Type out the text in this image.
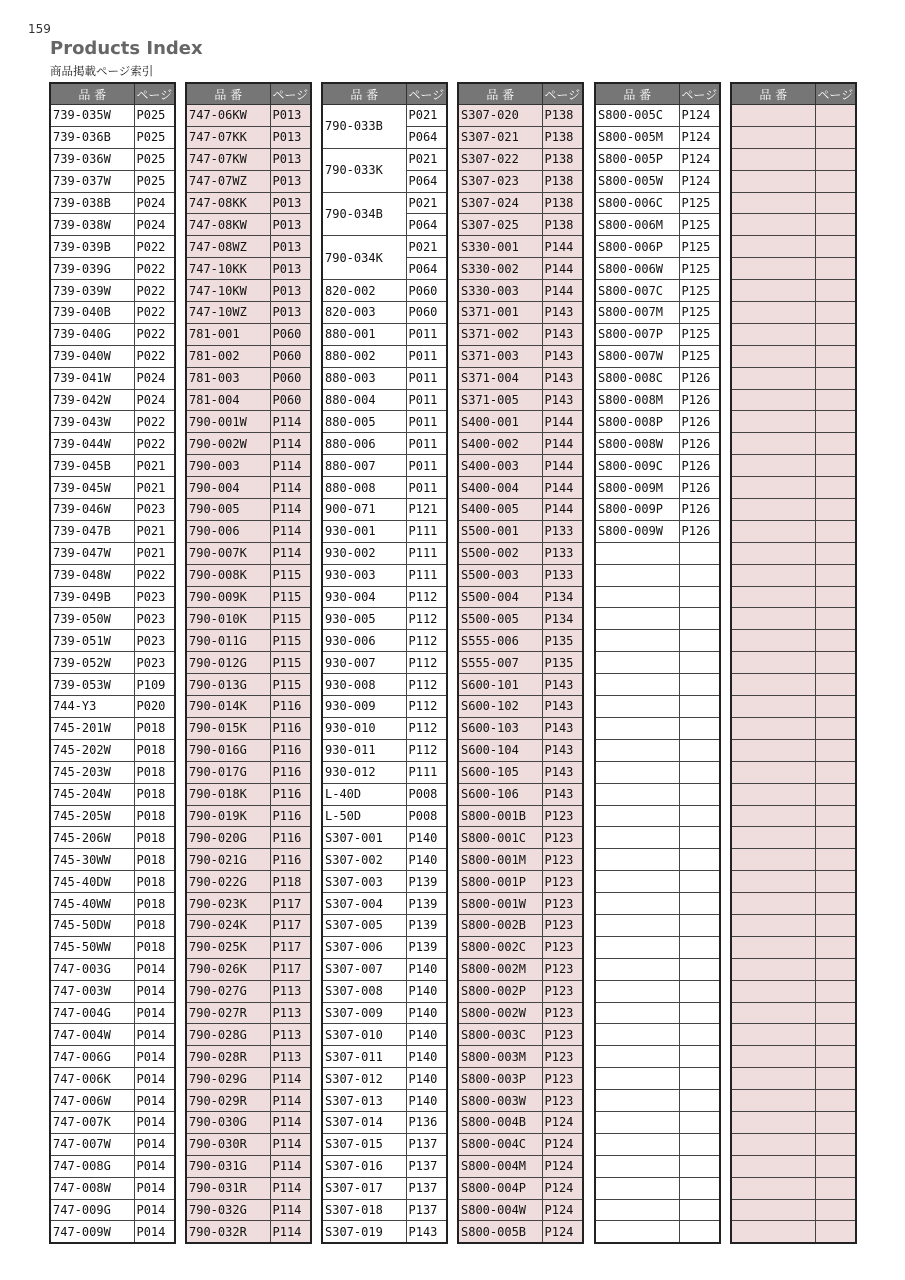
159
Products Index
商品掲載ページ索引
品 番	ページ
739-035W	P025
739-036B	P025
739-036W	P025
739-037W	P025
739-038B	P024
739-038W	P024
739-039B	P022
739-039G	P022
739-039W	P022
739-040B	P022
739-040G	P022
739-040W	P022
739-041W	P024
739-042W	P024
739-043W	P022
739-044W	P022
739-045B	P021
739-045W	P021
739-046W	P023
739-047B	P021
739-047W	P021
739-048W	P022
739-049B	P023
739-050W	P023
739-051W	P023
739-052W	P023
739-053W	P109
744-Y3	P020
745-201W	P018
745-202W	P018
745-203W	P018
745-204W	P018
745-205W	P018
745-206W	P018
745-30WW	P018
745-40DW	P018
745-40WW	P018
745-50DW	P018
745-50WW	P018
747-003G	P014
747-003W	P014
747-004G	P014
747-004W	P014
747-006G	P014
747-006K	P014
747-006W	P014
747-007K	P014
747-007W	P014
747-008G	P014
747-008W	P014
747-009G	P014
747-009W	P014
品 番	ページ
747-06KW	P013
747-07KK	P013
747-07KW	P013
747-07WZ	P013
747-08KK	P013
747-08KW	P013
747-08WZ	P013
747-10KK	P013
747-10KW	P013
747-10WZ	P013
781-001	P060
781-002	P060
781-003	P060
781-004	P060
790-001W	P114
790-002W	P114
790-003	P114
790-004	P114
790-005	P114
790-006	P114
790-007K	P114
790-008K	P115
790-009K	P115
790-010K	P115
790-011G	P115
790-012G	P115
790-013G	P115
790-014K	P116
790-015K	P116
790-016G	P116
790-017G	P116
790-018K	P116
790-019K	P116
790-020G	P116
790-021G	P116
790-022G	P118
790-023K	P117
790-024K	P117
790-025K	P117
790-026K	P117
790-027G	P113
790-027R	P113
790-028G	P113
790-028R	P113
790-029G	P114
790-029R	P114
790-030G	P114
790-030R	P114
790-031G	P114
790-031R	P114
790-032G	P114
790-032R	P114
品 番	ページ
790-033B	P021
	P064
790-033K	P021
	P064
790-034B	P021
	P064
790-034K	P021
	P064
820-002	P060
820-003	P060
880-001	P011
880-002	P011
880-003	P011
880-004	P011
880-005	P011
880-006	P011
880-007	P011
880-008	P011
900-071	P121
930-001	P111
930-002	P111
930-003	P111
930-004	P112
930-005	P112
930-006	P112
930-007	P112
930-008	P112
930-009	P112
930-010	P112
930-011	P112
930-012	P111
L-40D	P008
L-50D	P008
S307-001	P140
S307-002	P140
S307-003	P139
S307-004	P139
S307-005	P139
S307-006	P139
S307-007	P140
S307-008	P140
S307-009	P140
S307-010	P140
S307-011	P140
S307-012	P140
S307-013	P140
S307-014	P136
S307-015	P137
S307-016	P137
S307-017	P137
S307-018	P137
S307-019	P143
品 番	ページ
S307-020	P138
S307-021	P138
S307-022	P138
S307-023	P138
S307-024	P138
S307-025	P138
S330-001	P144
S330-002	P144
S330-003	P144
S371-001	P143
S371-002	P143
S371-003	P143
S371-004	P143
S371-005	P143
S400-001	P144
S400-002	P144
S400-003	P144
S400-004	P144
S400-005	P144
S500-001	P133
S500-002	P133
S500-003	P133
S500-004	P134
S500-005	P134
S555-006	P135
S555-007	P135
S600-101	P143
S600-102	P143
S600-103	P143
S600-104	P143
S600-105	P143
S600-106	P143
S800-001B	P123
S800-001C	P123
S800-001M	P123
S800-001P	P123
S800-001W	P123
S800-002B	P123
S800-002C	P123
S800-002M	P123
S800-002P	P123
S800-002W	P123
S800-003C	P123
S800-003M	P123
S800-003P	P123
S800-003W	P123
S800-004B	P124
S800-004C	P124
S800-004M	P124
S800-004P	P124
S800-004W	P124
S800-005B	P124
品 番	ページ
S800-005C	P124
S800-005M	P124
S800-005P	P124
S800-005W	P124
S800-006C	P125
S800-006M	P125
S800-006P	P125
S800-006W	P125
S800-007C	P125
S800-007M	P125
S800-007P	P125
S800-007W	P125
S800-008C	P126
S800-008M	P126
S800-008P	P126
S800-008W	P126
S800-009C	P126
S800-009M	P126
S800-009P	P126
S800-009W	P126

品 番	ページ
